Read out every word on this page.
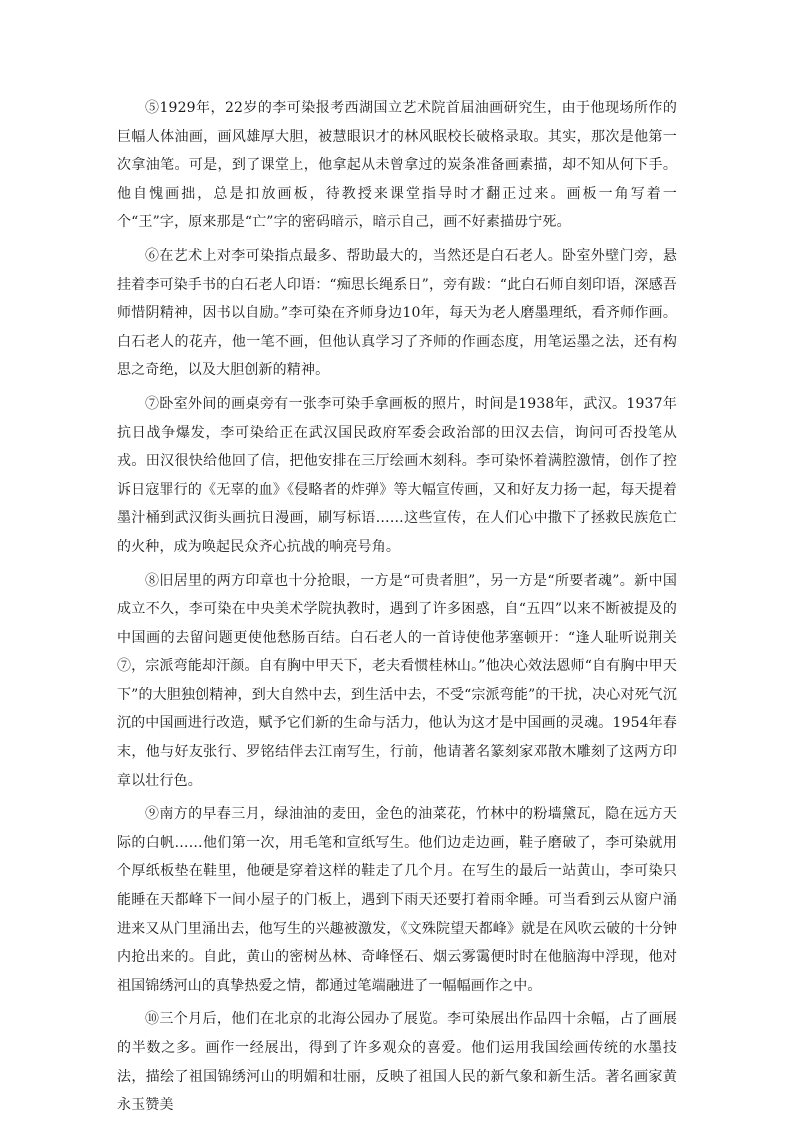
⑤1929年，22岁的李可染报考西湖国立艺术院首届油画研究生，由于他现场所作的巨幅人体油画，画风雄厚大胆，被慧眼识才的林风眠校长破格录取。其实，那次是他第一次拿油笔。可是，到了课堂上，他拿起从未曾拿过的炭条准备画素描，却不知从何下手。他自愧画拙，总是扣放画板，待教授来课堂指导时才翻正过来。画板一角写着一个“王”字，原来那是“亡”字的密码暗示，暗示自己，画不好素描毋宁死。

⑥在艺术上对李可染指点最多、帮助最大的，当然还是白石老人。卧室外壁门旁，悬挂着李可染手书的白石老人印语：“痴思长绳系日”，旁有跋：“此白石师自刻印语，深感吾师惜阴精神，因书以自励。”李可染在齐师身边10年，每天为老人磨墨理纸，看齐师作画。白石老人的花卉，他一笔不画，但他认真学习了齐师的作画态度，用笔运墨之法，还有构思之奇绝，以及大胆创新的精神。

⑦卧室外间的画桌旁有一张李可染手拿画板的照片，时间是1938年，武汉。1937年抗日战争爆发，李可染给正在武汉国民政府军委会政治部的田汉去信，询问可否投笔从戎。田汉很快给他回了信，把他安排在三厅绘画木刻科。李可染怀着满腔激情，创作了控诉日寇罪行的《无辜的血》《侵略者的炸弹》等大幅宣传画，又和好友力扬一起，每天提着墨汁桶到武汉街头画抗日漫画，刷写标语……这些宣传，在人们心中撒下了拯救民族危亡的火种，成为唤起民众齐心抗战的响亮号角。

⑧旧居里的两方印章也十分抢眼，一方是“可贵者胆”，另一方是“所要者魂”。新中国成立不久，李可染在中央美术学院执教时，遇到了许多困惑，自“五四”以来不断被提及的中国画的去留问题更使他愁肠百结。白石老人的一首诗使他茅塞顿开：“逢人耻听说荆关⑦，宗派弯能却汗颜。自有胸中甲天下，老夫看惯桂林山。”他决心效法恩师“自有胸中甲天下”的大胆独创精神，到大自然中去，到生活中去，不受“宗派弯能”的干扰，决心对死气沉沉的中国画进行改造，赋予它们新的生命与活力，他认为这才是中国画的灵魂。1954年春末，他与好友张行、罗铭结伴去江南写生，行前，他请著名篆刻家邓散木雕刻了这两方印章以壮行色。

⑨南方的早春三月，绿油油的麦田，金色的油菜花，竹林中的粉墙黛瓦，隐在远方天际的白帆……他们第一次，用毛笔和宣纸写生。他们边走边画，鞋子磨破了，李可染就用个厚纸板垫在鞋里，他硬是穿着这样的鞋走了几个月。在写生的最后一站黄山，李可染只能睡在天都峰下一间小屋子的门板上，遇到下雨天还要打着雨伞睡。可当看到云从窗户涌进来又从门里涌出去，他写生的兴趣被激发，《文殊院望天都峰》就是在风吹云破的十分钟内抢出来的。自此，黄山的密树丛林、奇峰怪石、烟云雾霭便时时在他脑海中浮现，他对祖国锦绣河山的真挚热爱之情，都通过笔端融进了一幅幅画作之中。

⑩三个月后，他们在北京的北海公园办了展览。李可染展出作品四十余幅，占了画展的半数之多。画作一经展出，得到了许多观众的喜爱。他们运用我国绘画传统的水墨技法，描绘了祖国锦绣河山的明媚和壮丽，反映了祖国人民的新气象和新生活。著名画家黄永玉赞美
